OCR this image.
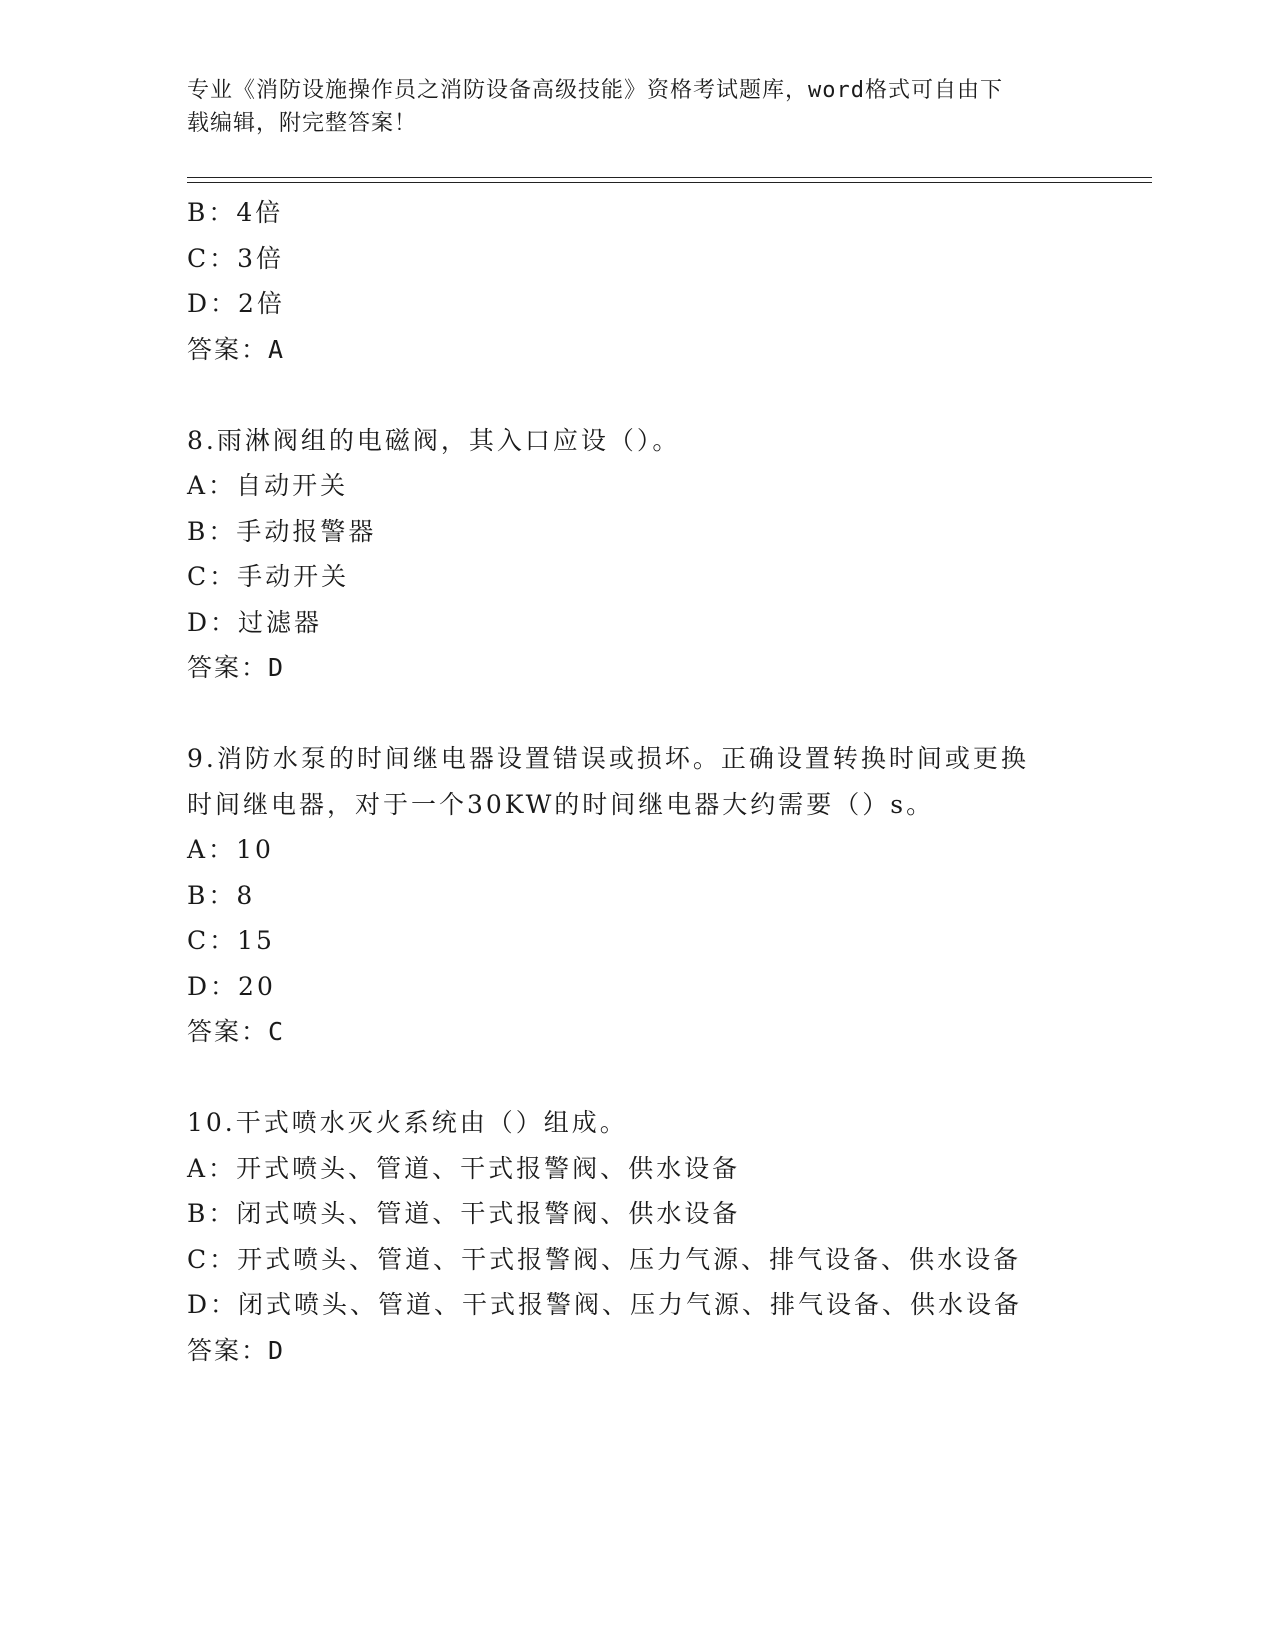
专业《消防设施操作员之消防设备高级技能》资格考试题库，word格式可自由下
载编辑，附完整答案！
B：4倍
C：3倍
D：2倍
答案：A
8.雨淋阀组的电磁阀，其入口应设（）。
A：自动开关
B：手动报警器
C：手动开关
D：过滤器
答案：D
9.消防水泵的时间继电器设置错误或损坏。正确设置转换时间或更换
时间继电器，对于一个30KW的时间继电器大约需要（）s。
A：10
B：8
C：15
D：20
答案：C
10.干式喷水灭火系统由（）组成。
A：开式喷头、管道、干式报警阀、供水设备
B：闭式喷头、管道、干式报警阀、供水设备
C：开式喷头、管道、干式报警阀、压力气源、排气设备、供水设备
D：闭式喷头、管道、干式报警阀、压力气源、排气设备、供水设备
答案：D
